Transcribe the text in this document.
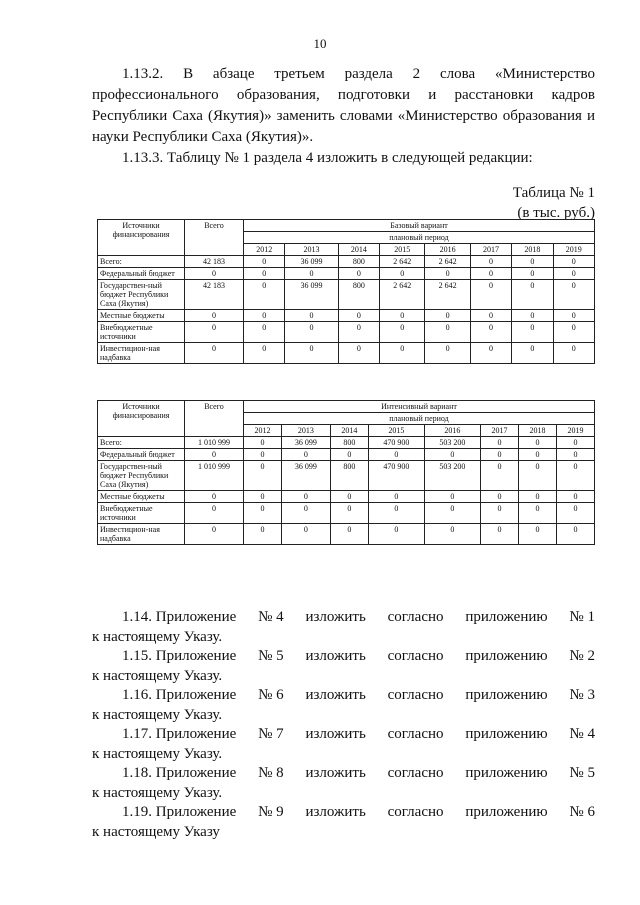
10
1.13.2. В абзаце третьем раздела 2 слова «Министерство профессионального образования, подготовки и расстановки кадров Республики Саха (Якутия)» заменить словами «Министерство образования и науки Республики Саха (Якутия)».
1.13.3. Таблицу № 1 раздела 4 изложить в следующей редакции:
Таблица № 1
(в тыс. руб.)
Источники финансирования	Всего	Базовый вариант							
		плановый период							
		2012	2013	2014	2015	2016	2017	2018	2019
Всего:	42 183	0	36 099	800	2 642	2 642	0	0	0
Федеральный бюджет	0	0	0	0	0	0	0	0	0
Государствен-ный бюджет Республики Саха (Якутия)	42 183	0	36 099	800	2 642	2 642	0	0	0
Местные бюджеты	0	0	0	0	0	0	0	0	0
Внебюджетные источники	0	0	0	0	0	0	0	0	0
Инвестицион-ная надбавка	0	0	0	0	0	0	0	0	0
Источники финансирования	Всего	Интенсивный вариант							
		плановый период							
		2012	2013	2014	2015	2016	2017	2018	2019
Всего:	1 010 999	0	36 099	800	470 900	503 200	0	0	0
Федеральный бюджет	0	0	0	0	0	0	0	0	0
Государствен-ный бюджет Республики Саха (Якутия)	1 010 999	0	36 099	800	470 900	503 200	0	0	0
Местные бюджеты	0	0	0	0	0	0	0	0	0
Внебюджетные источники	0	0	0	0	0	0	0	0	0
Инвестицион-ная надбавка	0	0	0	0	0	0	0	0	0
1.14. Приложение № 4 изложить согласно приложению № 1
к настоящему Указу.
1.15. Приложение № 5 изложить согласно приложению № 2
к настоящему Указу.
1.16. Приложение № 6 изложить согласно приложению № 3
к настоящему Указу.
1.17. Приложение № 7 изложить согласно приложению № 4
к настоящему Указу.
1.18. Приложение № 8 изложить согласно приложению № 5
к настоящему Указу.
1.19. Приложение № 9 изложить согласно приложению № 6
к настоящему Указу
